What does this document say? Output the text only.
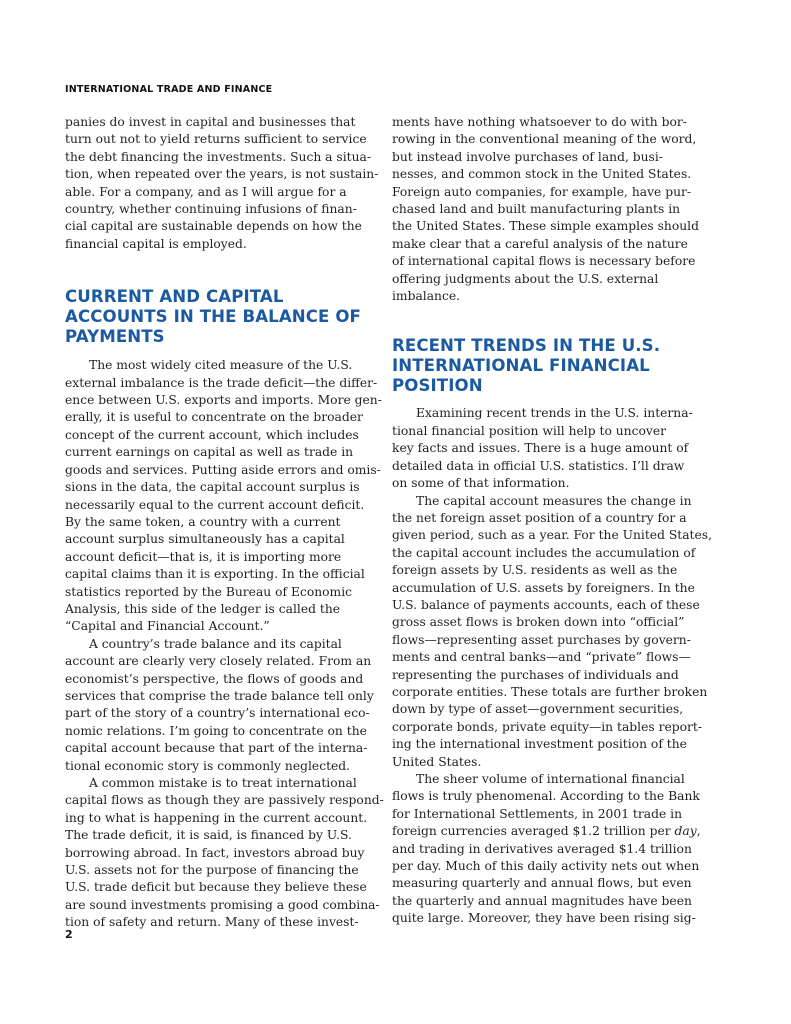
INTERNATIONAL TRADE AND FINANCE

panies do invest in capital and businesses that
turn out not to yield returns sufficient to service
the debt financing the investments. Such a situa-
tion, when repeated over the years, is not sustain-
able. For a company, and as I will argue for a
country, whether continuing infusions of finan-
cial capital are sustainable depends on how the
financial capital is employed.

CURRENT AND CAPITAL
ACCOUNTS IN THE BALANCE OF
PAYMENTS

The most widely cited measure of the U.S.
external imbalance is the trade deficit—the differ-
ence between U.S. exports and imports. More gen-
erally, it is useful to concentrate on the broader
concept of the current account, which includes
current earnings on capital as well as trade in
goods and services. Putting aside errors and omis-
sions in the data, the capital account surplus is
necessarily equal to the current account deficit.
By the same token, a country with a current
account surplus simultaneously has a capital
account deficit—that is, it is importing more
capital claims than it is exporting. In the official
statistics reported by the Bureau of Economic
Analysis, this side of the ledger is called the
“Capital and Financial Account.”

A country’s trade balance and its capital
account are clearly very closely related. From an
economist’s perspective, the flows of goods and
services that comprise the trade balance tell only
part of the story of a country’s international eco-
nomic relations. I’m going to concentrate on the
capital account because that part of the interna-
tional economic story is commonly neglected.

A common mistake is to treat international
capital flows as though they are passively respond-
ing to what is happening in the current account.
The trade deficit, it is said, is financed by U.S.
borrowing abroad. In fact, investors abroad buy
U.S. assets not for the purpose of financing the
U.S. trade deficit but because they believe these
are sound investments promising a good combina-
tion of safety and return. Many of these invest-

ments have nothing whatsoever to do with bor-
rowing in the conventional meaning of the word,
but instead involve purchases of land, busi-
nesses, and common stock in the United States.
Foreign auto companies, for example, have pur-
chased land and built manufacturing plants in
the United States. These simple examples should
make clear that a careful analysis of the nature
of international capital flows is necessary before
offering judgments about the U.S. external
imbalance.

RECENT TRENDS IN THE U.S.
INTERNATIONAL FINANCIAL
POSITION

Examining recent trends in the U.S. interna-
tional financial position will help to uncover
key facts and issues. There is a huge amount of
detailed data in official U.S. statistics. I’ll draw
on some of that information.

The capital account measures the change in
the net foreign asset position of a country for a
given period, such as a year. For the United States,
the capital account includes the accumulation of
foreign assets by U.S. residents as well as the
accumulation of U.S. assets by foreigners. In the
U.S. balance of payments accounts, each of these
gross asset flows is broken down into “official”
flows—representing asset purchases by govern-
ments and central banks—and “private” flows—
representing the purchases of individuals and
corporate entities. These totals are further broken
down by type of asset—government securities,
corporate bonds, private equity—in tables report-
ing the international investment position of the
United States.

The sheer volume of international financial
flows is truly phenomenal. According to the Bank
for International Settlements, in 2001 trade in
foreign currencies averaged $1.2 trillion per day,
and trading in derivatives averaged $1.4 trillion
per day. Much of this daily activity nets out when
measuring quarterly and annual flows, but even
the quarterly and annual magnitudes have been
quite large. Moreover, they have been rising sig-

2
